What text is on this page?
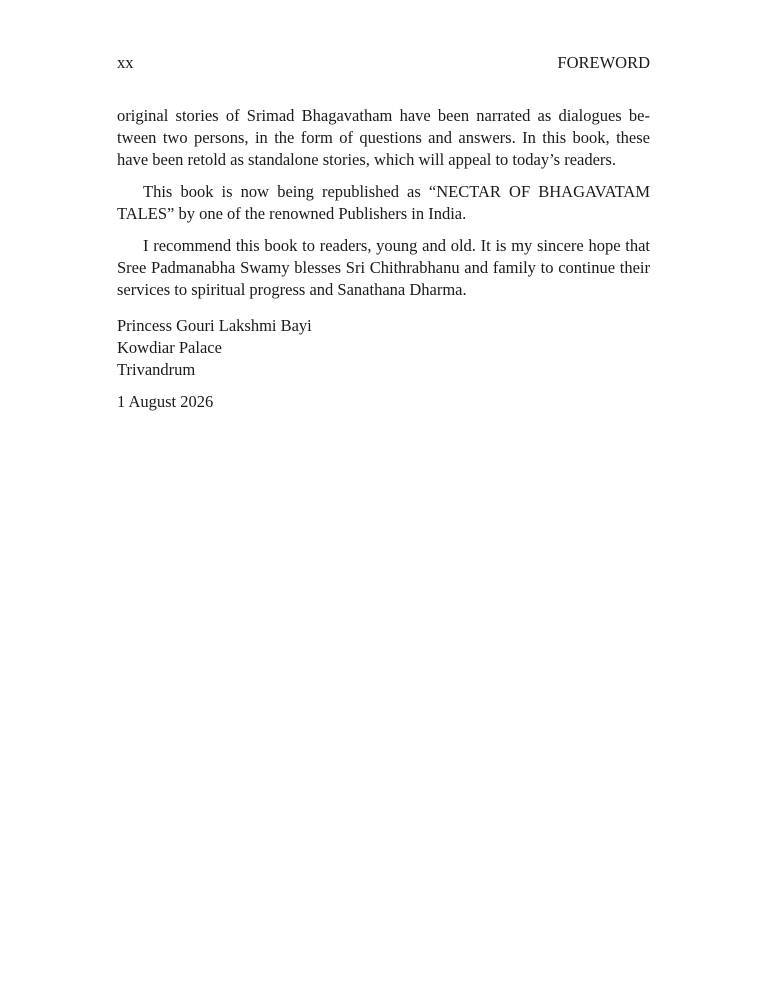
xx	FOREWORD

original stories of Srimad Bhagavatham have been narrated as dialogues between two persons, in the form of questions and answers. In this book, these have been retold as standalone stories, which will appeal to today’s readers.

This book is now being republished as “NECTAR OF BHAGAVATAM TALES” by one of the renowned Publishers in India.

I recommend this book to readers, young and old. It is my sincere hope that Sree Padmanabha Swamy blesses Sri Chithrabhanu and family to continue their services to spiritual progress and Sanathana Dharma.

Princess Gouri Lakshmi Bayi
Kowdiar Palace
Trivandrum
1 August 2026
